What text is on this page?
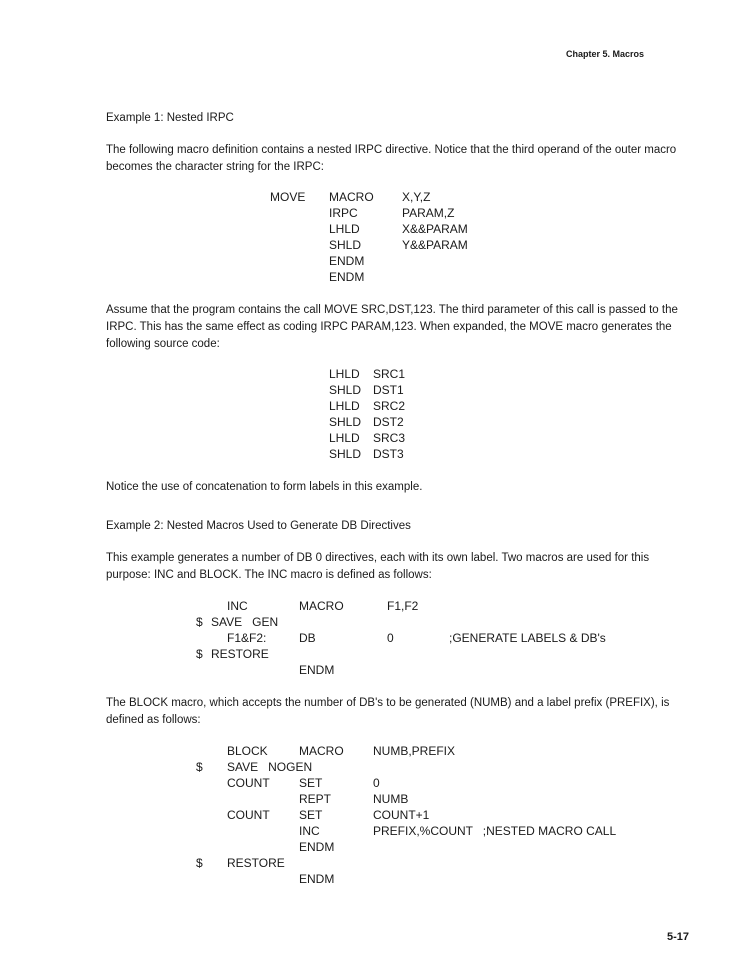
Chapter 5. Macros
Example 1: Nested IRPC
The following macro definition contains a nested IRPC directive. Notice that the third operand of the outer macro becomes the character string for the IRPC:
MOVE MACRO X,Y,Z
IRPC	PARAM,Z
LHLD	X&&PARAM
SHLD	Y&&PARAM
ENDM
ENDM
Assume that the program contains the call MOVE SRC,DST,123. The third parameter of this call is passed to the IRPC. This has the same effect as coding IRPC PARAM,123. When expanded, the MOVE macro generates the following source code:
LHLD SRC1
SHLD DST1
LHLD SRC2
SHLD DST2
LHLD SRC3
SHLD DST3
Notice the use of concatenation to form labels in this example.
Example 2: Nested Macros Used to Generate DB Directives
This example generates a number of DB 0 directives, each with its own label. Two macros are used for this purpose: INC and BLOCK. The INC macro is defined as follows:
INC	MACRO	F1,F2
$ SAVE   GEN
F1&F2:	DB	0	;GENERATE LABELS & DB's
$ RESTORE
ENDM
The BLOCK macro, which accepts the number of DB's to be generated (NUMB) and a label prefix (PREFIX), is defined as follows:
BLOCK	MACRO NUMB,PREFIX
$ SAVE   NOGEN
COUNT SET	0
REPT	NUMB
COUNT SET	COUNT+1
INC	PREFIX,%COUNT   ;NESTED MACRO CALL
ENDM
$ RESTORE
ENDM
5-17
